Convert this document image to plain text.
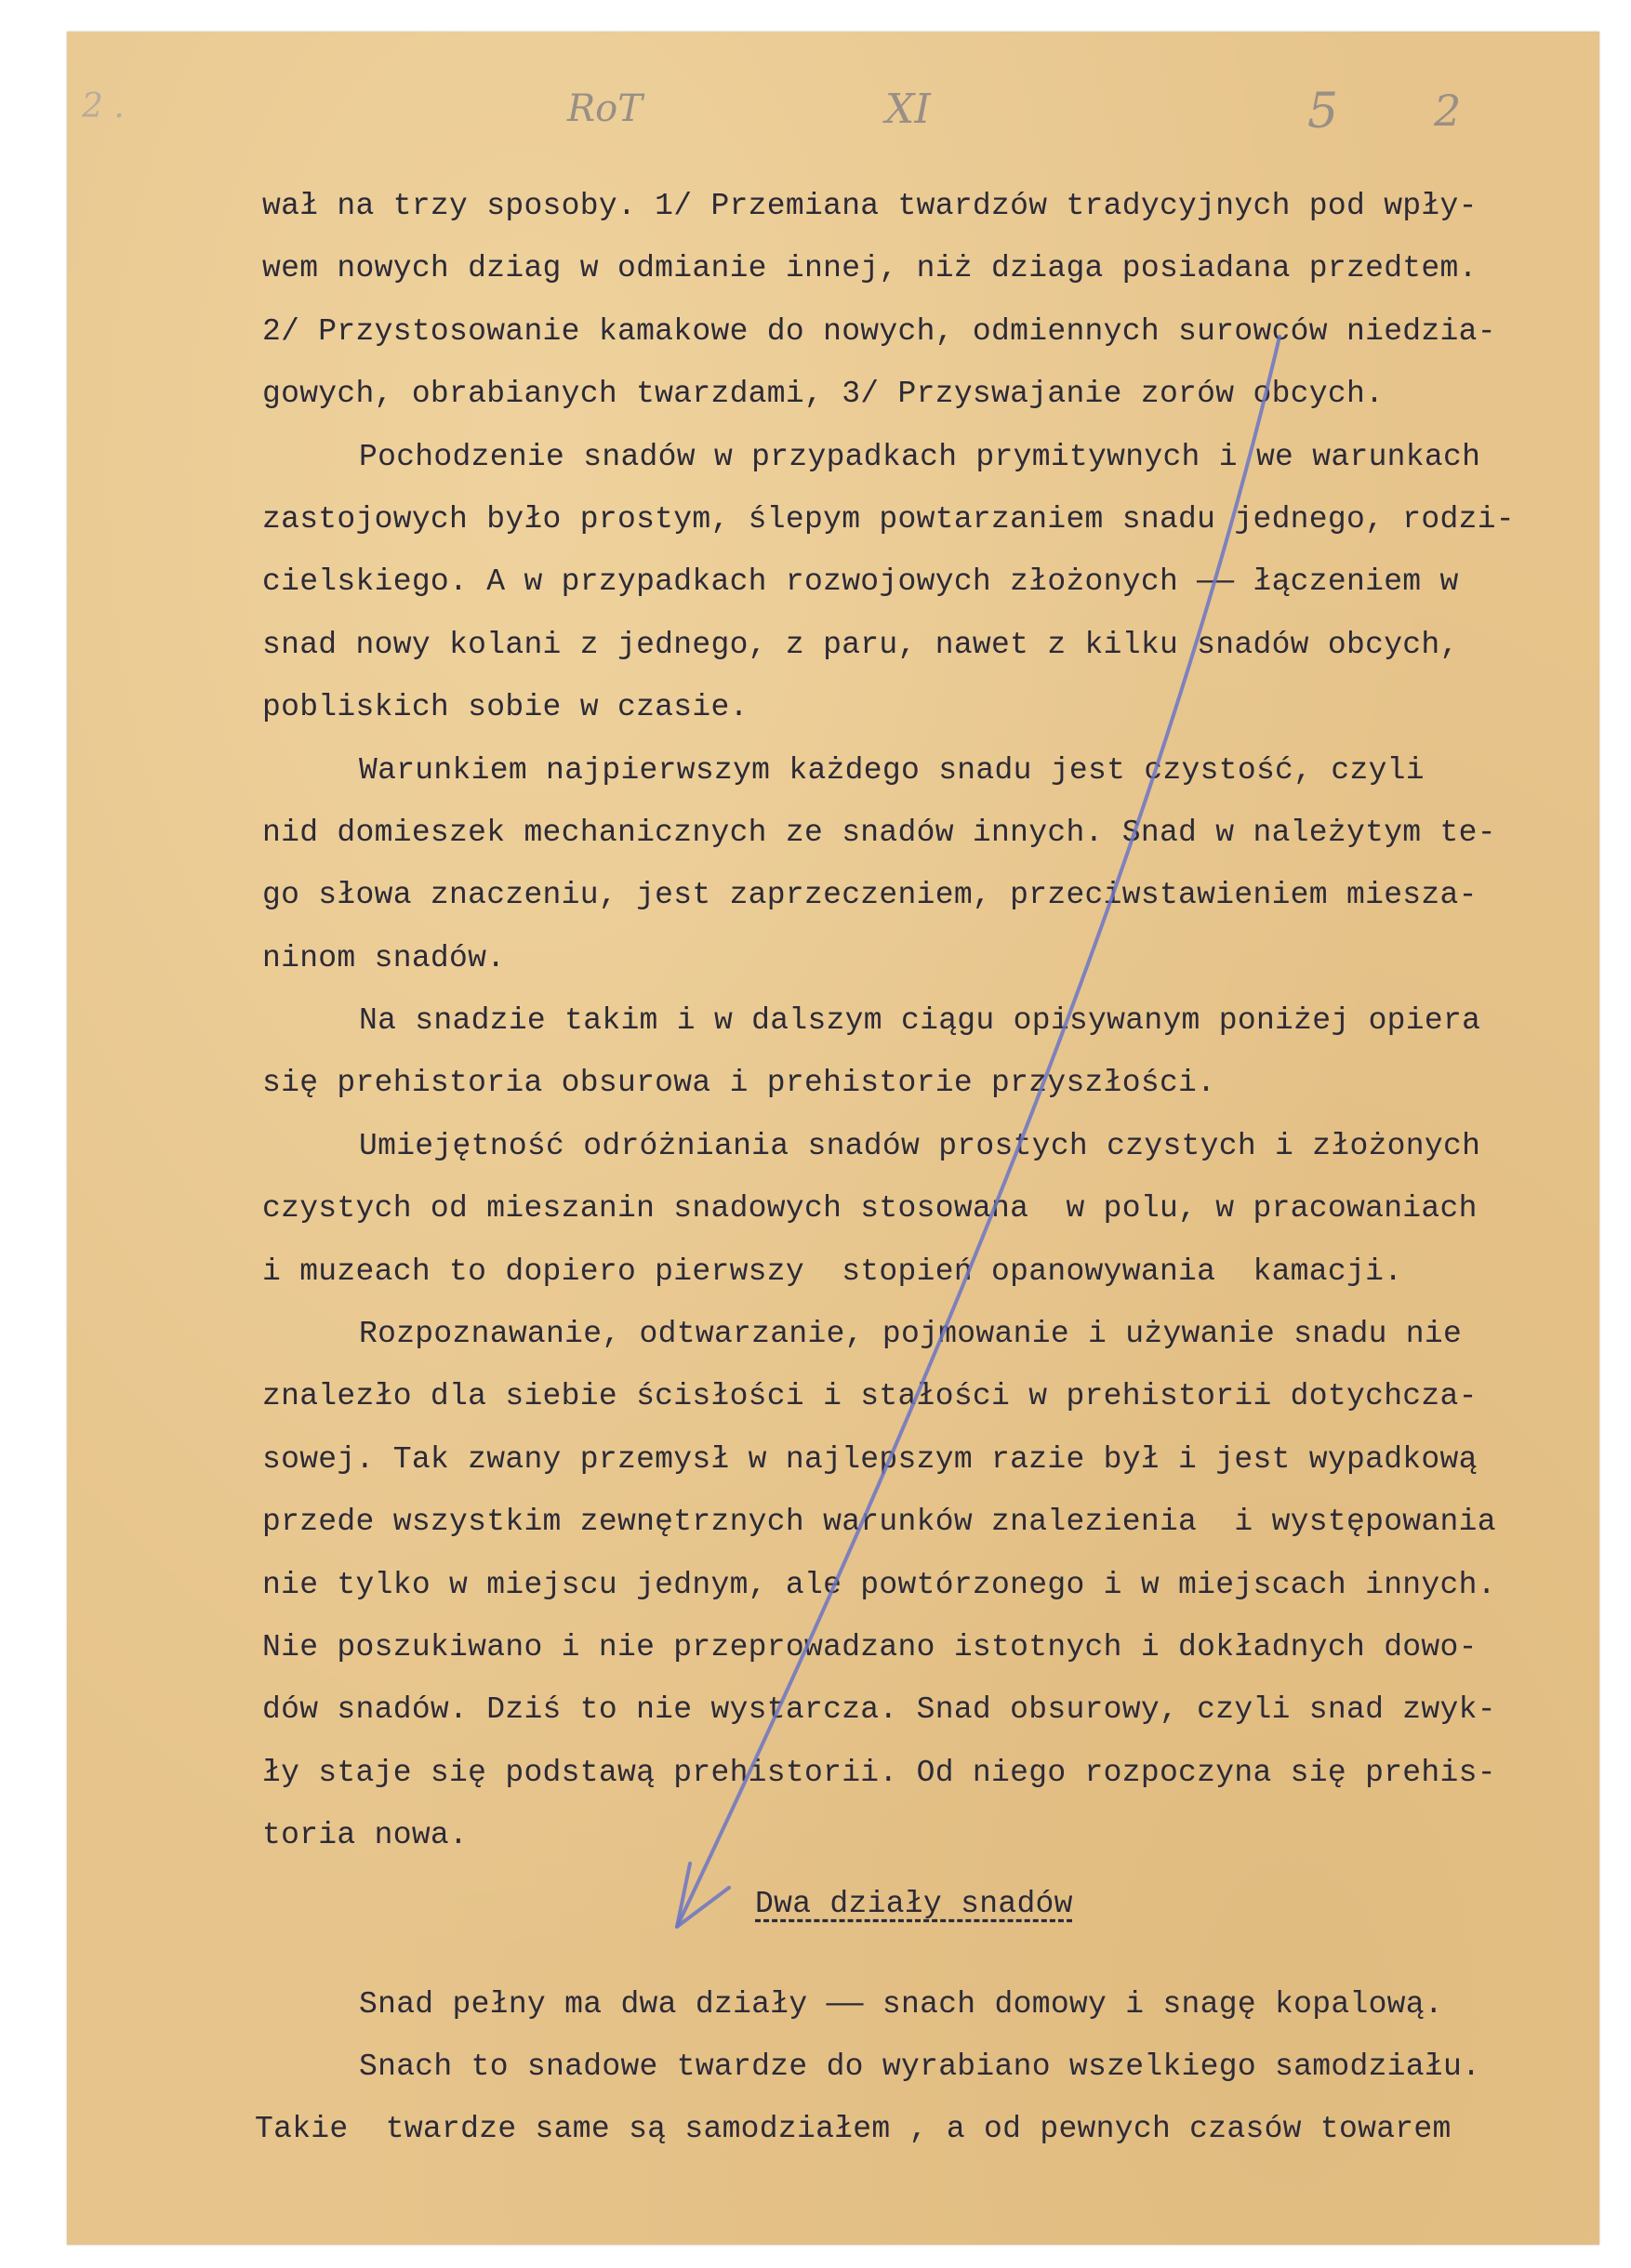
2 .	RoT	XI	5 2
wał na trzy sposoby. 1/ Przemiana twardzów tradycyjnych pod wpły-
wem nowych dziag w odmianie innej, niż dziaga posiadana przedtem.
2/ Przystosowanie kamakowe do nowych, odmiennych surowców niedzia-
gowych, obrabianych twarzdami, 3/ Przyswajanie zorów obcych.
Pochodzenie snadów w przypadkach prymitywnych i we warunkach
zastojowych było prostym, ślepym powtarzaniem snadu jednego, rodzi-
cielskiego. A w przypadkach rozwojowych złożonych —— łączeniem w
snad nowy kolani z jednego, z paru, nawet z kilku snadów obcych,
pobliskich sobie w czasie.
Warunkiem najpierwszym każdego snadu jest czystość, czyli
nid domieszek mechanicznych ze snadów innych. Snad w należytym te-
go słowa znaczeniu, jest zaprzeczeniem, przeciwstawieniem miesza-
ninom snadów.
Na snadzie takim i w dalszym ciągu opisywanym poniżej opiera
się prehistoria obsurowa i prehistorie przyszłości.
Umiejętność odróżniania snadów prostych czystych i złożonych
czystych od mieszanin snadowych stosowana  w polu, w pracowaniach
i muzeach to dopiero pierwszy  stopień opanowywania  kamacji.
Rozpoznawanie, odtwarzanie, pojmowanie i używanie snadu nie
znalezło dla siebie ścisłości i stałości w prehistorii dotychcza-
sowej. Tak zwany przemysł w najlepszym razie był i jest wypadkową
przede wszystkim zewnętrznych warunków znalezienia  i występowania
nie tylko w miejscu jednym, ale powtórzonego i w miejscach innych.
Nie poszukiwano i nie przeprowadzano istotnych i dokładnych dowo-
dów snadów. Dziś to nie wystarcza. Snad obsurowy, czyli snad zwyk-
ły staje się podstawą prehistorii. Od niego rozpoczyna się prehis-
toria nowa.
Dwa działy snadów
Snad pełny ma dwa działy —— snach domowy i snagę kopalową.
Snach to snadowe twardze do wyrabiano wszelkiego samodziału.
Takie  twardze same są samodziałem , a od pewnych czasów towarem
